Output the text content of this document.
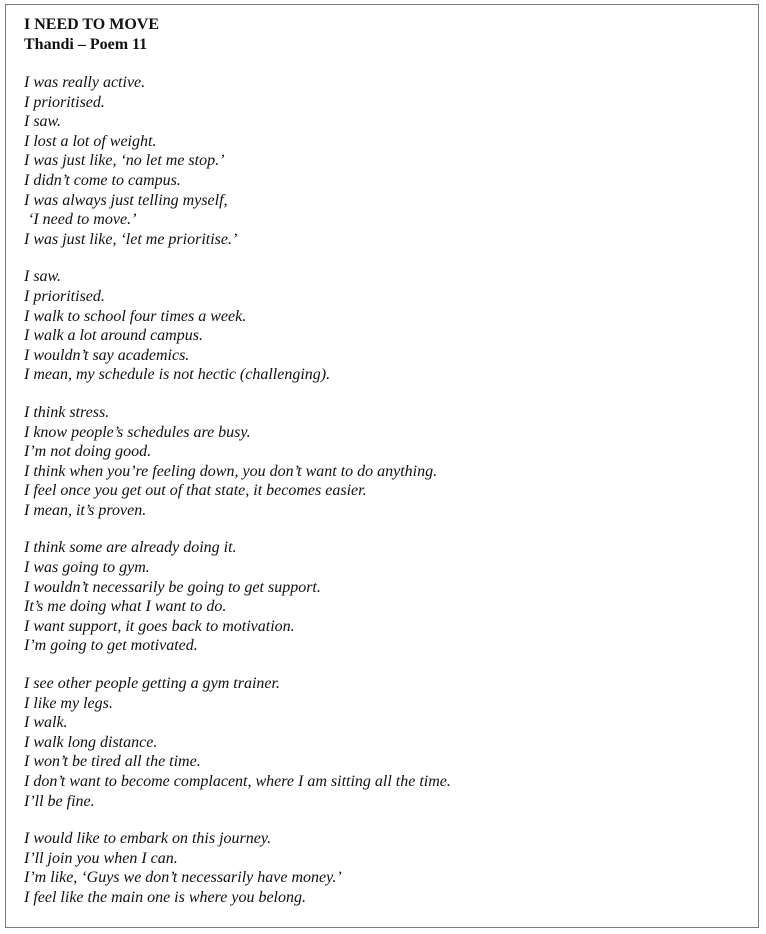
I NEED TO MOVE

Thandi – Poem 11

I was really active.

I prioritised.

I saw.

I lost a lot of weight.

I was just like, ‘no let me stop.’

I didn’t come to campus.

I was always just telling myself,

‘I need to move.’

I was just like, ‘let me prioritise.’

I saw.

I prioritised.

I walk to school four times a week.

I walk a lot around campus.

I wouldn’t say academics.

I mean, my schedule is not hectic (challenging).

I think stress.

I know people’s schedules are busy.

I’m not doing good.

I think when you’re feeling down, you don’t want to do anything.

I feel once you get out of that state, it becomes easier.

I mean, it’s proven.

I think some are already doing it.

I was going to gym.

I wouldn’t necessarily be going to get support.

It’s me doing what I want to do.

I want support, it goes back to motivation.

I’m going to get motivated.

I see other people getting a gym trainer.

I like my legs.

I walk.

I walk long distance.

I won’t be tired all the time.

I don’t want to become complacent, where I am sitting all the time.

I’ll be fine.

I would like to embark on this journey.

I’ll join you when I can.

I’m like, ‘Guys we don’t necessarily have money.’

I feel like the main one is where you belong.
